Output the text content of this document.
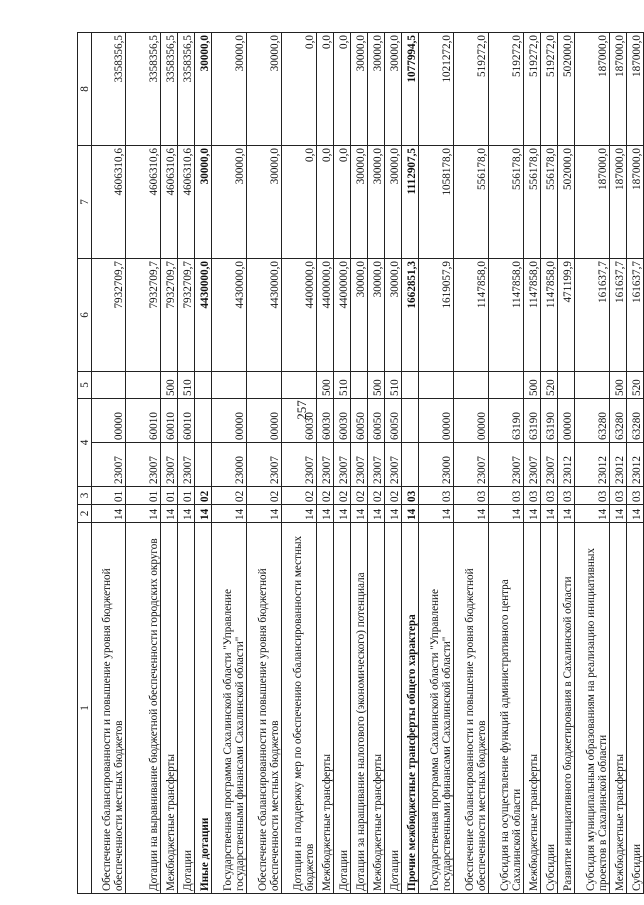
257
1	2	3	4		5	6	7	8
Обеспечение сбалансированности и повышение уровня бюджетной обеспеченности местных бюджетов	14	01	23007	00000		7932709,7	4606310,6	3358356,5
Дотации на выравнивание бюджетной обеспеченности городских округов	14	01	23007	60010		7932709,7	4606310,6	3358356,5
Межбюджетные трансферты	14	01	23007	60010	500	7932709,7	4606310,6	3358356,5
Дотации	14	01	23007	60010	510	7932709,7	4606310,6	3358356,5
Иные дотации	14	02				4430000,0	30000,0	30000,0
Государственная программа Сахалинской области "Управление государственными финансами Сахалинской области"	14	02	23000	00000		4430000,0	30000,0	30000,0
Обеспечение сбалансированности и повышение уровня бюджетной обеспеченности местных бюджетов	14	02	23007	00000		4430000,0	30000,0	30000,0
Дотации на поддержку мер по обеспечению сбалансированности местных бюджетов	14	02	23007	60030		4400000,0	0,0	0,0
Межбюджетные трансферты	14	02	23007	60030	500	4400000,0	0,0	0,0
Дотации	14	02	23007	60030	510	4400000,0	0,0	0,0
Дотации за наращивание налогового (экономического) потенциала	14	02	23007	60050		30000,0	30000,0	30000,0
Межбюджетные трансферты	14	02	23007	60050	500	30000,0	30000,0	30000,0
Дотации	14	02	23007	60050	510	30000,0	30000,0	30000,0
Прочие межбюджетные трансферты общего характера	14	03				1662851,3	1112907,5	1077994,5
Государственная программа Сахалинской области "Управление государственными финансами Сахалинской области"	14	03	23000	00000		1619057,9	1058178,0	1021272,0
Обеспечение сбалансированности и повышение уровня бюджетной обеспеченности местных бюджетов	14	03	23007	00000		1147858,0	556178,0	519272,0
Субсидия на осуществление функций административного центра Сахалинской области	14	03	23007	63190		1147858,0	556178,0	519272,0
Межбюджетные трансферты	14	03	23007	63190	500	1147858,0	556178,0	519272,0
Субсидии	14	03	23007	63190	520	1147858,0	556178,0	519272,0
Развитие инициативного бюджетирования в Сахалинской области	14	03	23012	00000		471199,9	502000,0	502000,0
Субсидия муниципальным образованиям на реализацию инициативных проектов в Сахалинской области	14	03	23012	63280		161637,7	187000,0	187000,0
Межбюджетные трансферты	14	03	23012	63280	500	161637,7	187000,0	187000,0
Субсидии	14	03	23012	63280	520	161637,7	187000,0	187000,0
